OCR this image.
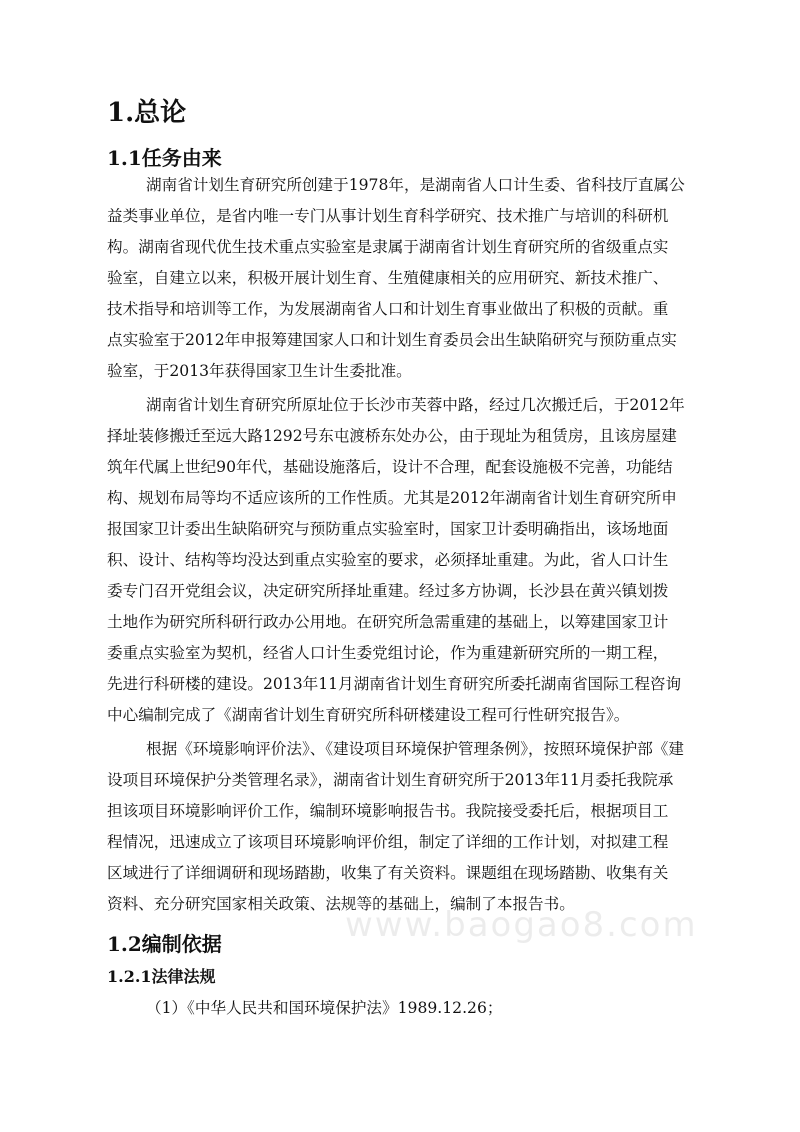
www.baogao8.com
1.总论
1.1任务由来
湖南省计划生育研究所创建于1978年，是湖南省人口计生委、省科技厅直属公
益类事业单位，是省内唯一专门从事计划生育科学研究、技术推广与培训的科研机
构。湖南省现代优生技术重点实验室是隶属于湖南省计划生育研究所的省级重点实
验室，自建立以来，积极开展计划生育、生殖健康相关的应用研究、新技术推广、
技术指导和培训等工作，为发展湖南省人口和计划生育事业做出了积极的贡献。重
点实验室于2012年申报筹建国家人口和计划生育委员会出生缺陷研究与预防重点实
验室，于2013年获得国家卫生计生委批准。
湖南省计划生育研究所原址位于长沙市芙蓉中路，经过几次搬迁后，于2012年
择址装修搬迁至远大路1292号东屯渡桥东处办公，由于现址为租赁房，且该房屋建
筑年代属上世纪90年代，基础设施落后，设计不合理，配套设施极不完善，功能结
构、规划布局等均不适应该所的工作性质。尤其是2012年湖南省计划生育研究所申
报国家卫计委出生缺陷研究与预防重点实验室时，国家卫计委明确指出，该场地面
积、设计、结构等均没达到重点实验室的要求，必须择址重建。为此，省人口计生
委专门召开党组会议，决定研究所择址重建。经过多方协调，长沙县在黄兴镇划拨
土地作为研究所科研行政办公用地。在研究所急需重建的基础上，以筹建国家卫计
委重点实验室为契机，经省人口计生委党组讨论，作为重建新研究所的一期工程，
先进行科研楼的建设。2013年11月湖南省计划生育研究所委托湖南省国际工程咨询
中心编制完成了《湖南省计划生育研究所科研楼建设工程可行性研究报告》。
根据《环境影响评价法》、《建设项目环境保护管理条例》，按照环境保护部《建
设项目环境保护分类管理名录》，湖南省计划生育研究所于2013年11月委托我院承
担该项目环境影响评价工作，编制环境影响报告书。我院接受委托后，根据项目工
程情况，迅速成立了该项目环境影响评价组，制定了详细的工作计划，对拟建工程
区域进行了详细调研和现场踏勘，收集了有关资料。课题组在现场踏勘、收集有关
资料、充分研究国家相关政策、法规等的基础上，编制了本报告书。
1.2编制依据
1.2.1法律法规

（1）《中华人民共和国环境保护法》1989.12.26；
